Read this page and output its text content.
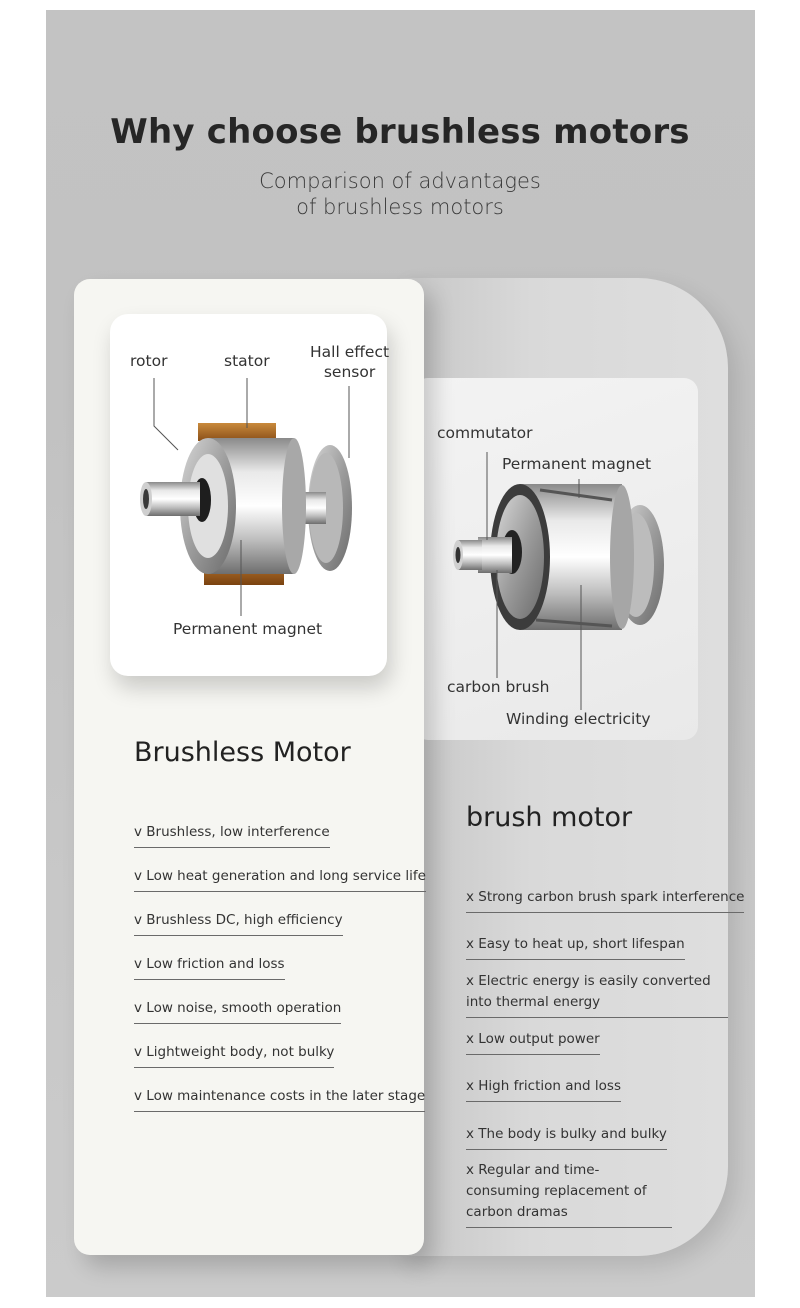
Why choose brushless motors
Comparison of advantages
of brushless motors
rotor	stator	Hall effect
sensor
Permanent magnet
commutator
Permanent magnet
carbon brush
Winding electricity
Brushless Motor
brush motor
v Brushless, low interference
v Low heat generation and long service life
v Brushless DC, high efficiency
v Low friction and loss
v Low noise, smooth operation
v Lightweight body, not bulky
v Low maintenance costs in the later stage
x Strong carbon brush spark interference
x Easy to heat up, short lifespan
x Electric energy is easily converted into thermal energy
x Low output power
x High friction and loss
x The body is bulky and bulky
x Regular and time-consuming replacement of carbon dramas
